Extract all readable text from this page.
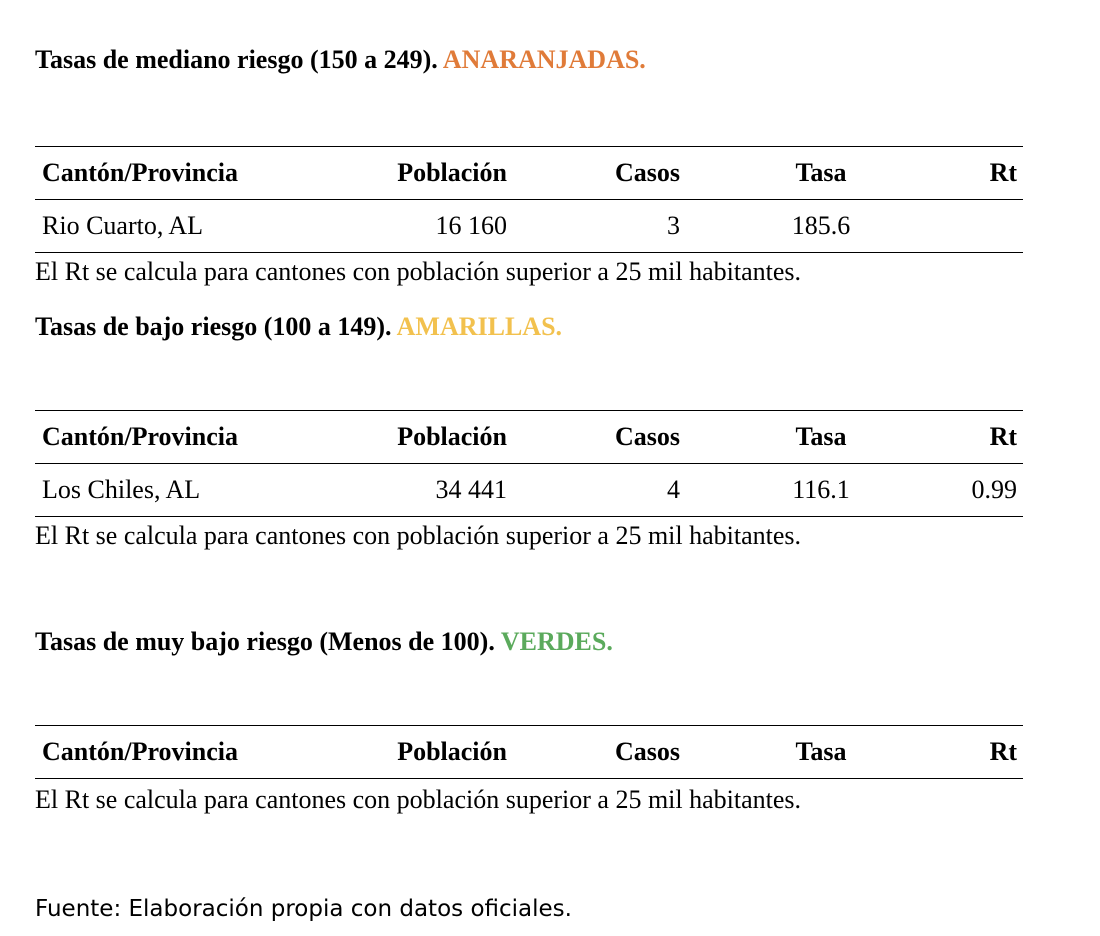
Tasas de mediano riesgo (150 a 249). ANARANJADAS.
Cantón/Provincia	Población	Casos	Tasa	Rt
Rio Cuarto, AL	16 160	3	185.6	

El Rt se calcula para cantones con población superior a 25 mil habitantes.

Tasas de bajo riesgo (100 a 149). AMARILLAS.
Cantón/Provincia	Población	Casos	Tasa	Rt
Los Chiles, AL	34 441	4	116.1	0.99

El Rt se calcula para cantones con población superior a 25 mil habitantes.

Tasas de muy bajo riesgo (Menos de 100). VERDES.
Cantón/Provincia	Población	Casos	Tasa	Rt

El Rt se calcula para cantones con población superior a 25 mil habitantes.

Fuente: Elaboración propia con datos oficiales.
